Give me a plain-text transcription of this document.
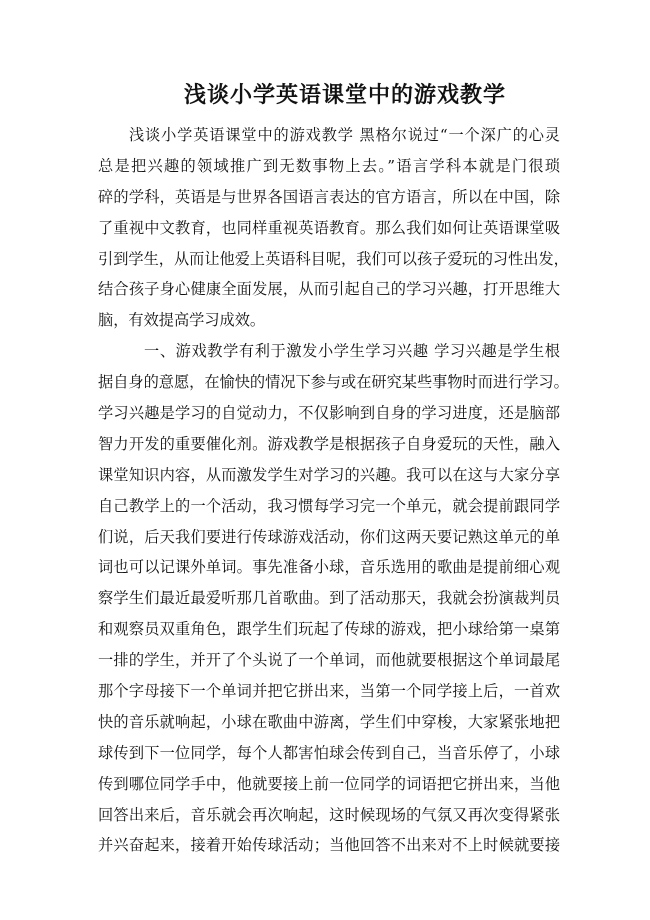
浅谈小学英语课堂中的游戏教学
浅谈小学英语课堂中的游戏教学 黑格尔说过“一个深广的心灵
总是把兴趣的领域推广到无数事物上去。”语言学科本就是门很琐
碎的学科，英语是与世界各国语言表达的官方语言，所以在中国，除
了重视中文教育，也同样重视英语教育。那么我们如何让英语课堂吸
引到学生，从而让他爱上英语科目呢，我们可以孩子爱玩的习性出发，
结合孩子身心健康全面发展，从而引起自己的学习兴趣，打开思维大
脑，有效提高学习成效。
一、游戏教学有利于激发小学生学习兴趣 学习兴趣是学生根
据自身的意愿，在愉快的情况下参与或在研究某些事物时而进行学习。
学习兴趣是学习的自觉动力，不仅影响到自身的学习进度，还是脑部
智力开发的重要催化剂。游戏教学是根据孩子自身爱玩的天性，融入
课堂知识内容，从而激发学生对学习的兴趣。我可以在这与大家分享
自己教学上的一个活动，我习惯每学习完一个单元，就会提前跟同学
们说，后天我们要进行传球游戏活动，你们这两天要记熟这单元的单
词也可以记课外单词。事先准备小球，音乐选用的歌曲是提前细心观
察学生们最近最爱听那几首歌曲。到了活动那天，我就会扮演裁判员
和观察员双重角色，跟学生们玩起了传球的游戏，把小球给第一桌第
一排的学生，并开了个头说了一个单词，而他就要根据这个单词最尾
那个字母接下一个单词并把它拼出来，当第一个同学接上后，一首欢
快的音乐就响起，小球在歌曲中游离，学生们中穿梭，大家紧张地把
球传到下一位同学，每个人都害怕球会传到自己，当音乐停了，小球
传到哪位同学手中，他就要接上前一位同学的词语把它拼出来，当他
回答出来后，音乐就会再次响起，这时候现场的气氛又再次变得紧张
并兴奋起来，接着开始传球活动；当他回答不出来对不上时候就要接
